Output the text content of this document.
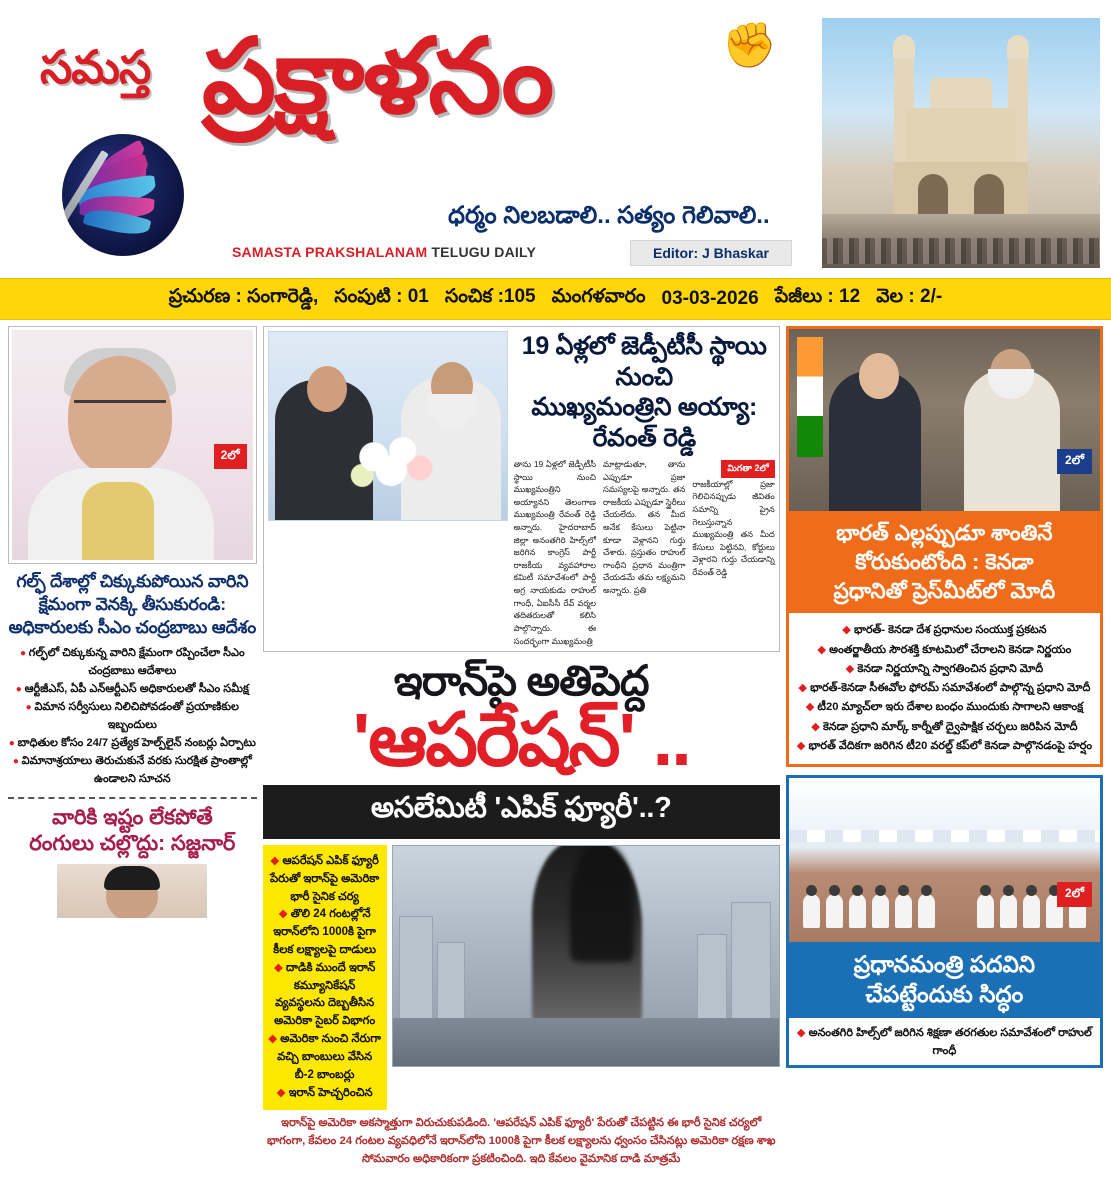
సమస్త ప్రక్షాళనం	✊
ధర్మం నిలబడాలి.. సత్యం గెలివాలి..
SAMASTA PRAKSHALANAM TELUGU DAILY	Editor: J Bhaskar
ప్రచురణ : సంగారెడ్డి, సంపుటి : 01 సంచిక :105 మంగళవారం 03-03-2026 పేజీలు : 12 వెల : 2/-
2లో
గల్ఫ్ దేశాల్లో చిక్కుకుపోయిన వారిని
క్షేమంగా వెనక్కి తీసుకురండి:
అధికారులకు సీఎం చంద్రబాబు ఆదేశం
● గల్ఫ్‌లో చిక్కుకున్న వారిని క్షేమంగా రప్పించేలా సీఎం చంద్రబాబు ఆదేశాలు
● ఆర్టీజీఎస్, ఏపీ ఎన్ఆర్టీఎస్ అధికారులతో సీఎం సమీక్ష
● విమాన సర్వీసులు నిలిచిపోవడంతో ప్రయాణికుల ఇబ్బందులు
● బాధితుల కోసం 24/7 ప్రత్యేక హెల్ప్‌లైన్ నంబర్లు ఏర్పాటు
● విమానాశ్రయాలు తెరుచుకునే వరకు సురక్షిత ప్రాంతాల్లో ఉండాలని సూచన
వారికి ఇష్టం లేకపోతే
రంగులు చల్లొద్దు: సజ్జనార్
19 ఏళ్లలో జెడ్పీటీసీ స్థాయి నుంచి
ముఖ్యమంత్రిని అయ్యా: రేవంత్ రెడ్డి

తాను 19 ఏళ్లలో జెడ్పీటీసీ స్థాయి నుంచి ముఖ్యమంత్రిని అయ్యానని తెలంగాణ ముఖ్యమంత్రి రేవంత్ రెడ్డి అన్నారు. హైదరాబాద్ జిల్లా అనంతగిరి హిల్స్‌లో జరిగిన కాంగ్రెస్ పార్టీ రాజకీయ వ్యవహారాల కమిటీ సమావేశంలో పార్టీ అగ్ర నాయకుడు రాహుల్ గాంధీ, ఏఐసీసీ రేవ్ వర్మల తదితరులతో కలిసి పాల్గొన్నారు. ఈ సందర్భంగా ముఖ్యమంత్రి

మాట్లాడుతూ, తాను ఎప్పుడూ ప్రజా సమస్యలపై అన్నారు. తన రాజకీయ ఎప్పుడూ స్థైరీలు చేయలేదు. తన మీద అనేక కేసులు పెట్టినా కూడా వెళ్లానని గుర్తు చేశారు. ప్రస్తుతం రాహుల్ గాంధీని ప్రధాన మంత్రిగా చేయడమే తమ లక్ష్యమని అన్నారు. ప్రతి

మిగతా 2లో
రాజకీయాల్లో ప్రజా గెలిచినప్పుడు జీవితం సమాన్ని ప్రైన గెలుస్తున్నాన ముఖ్యమంత్రి తన మీద కేసులు పెట్టినవి, కోర్టులు వెళ్లారని గుర్తు చేయడాన్ని రేవంత్ రెడ్డి

ఇరాన్‌పై అతిపెద్ద
'ఆపరేషన్' ..
అసలేమిటీ 'ఎపిక్ ఫ్యూరీ'..?
◆ ఆపరేషన్ ఎపిక్ ఫ్యూరీ పేరుతో ఇరాన్‌పై అమెరికా భారీ సైనిక చర్య
◆ తొలి 24 గంటల్లోనే ఇరాన్‌లోని 1000కి పైగా కీలక లక్ష్యాలపై దాడులు
◆ దాడికి ముందే ఇరాన్ కమ్యూనికేషన్ వ్యవస్థలను దెబ్బతీసిన అమెరికా సైబర్ విభాగం
◆ అమెరికా నుంచి నేరుగా వచ్చి బాంబులు వేసిన బీ-2 బాంబర్లు
◆ ఇరాన్ హెచ్చరించిన
ఇరాన్‌పై అమెరికా అకస్మాత్తుగా విరుచుకుపడింది. 'ఆపరేషన్ ఎపిక్ ఫ్యూరీ' పేరుతో చేపట్టిన ఈ భారీ సైనిక చర్యలో భాగంగా, కేవలం 24 గంటల వ్యవధిలోనే ఇరాన్‌లోని 1000కి పైగా కీలక లక్ష్యాలను ధ్వంసం చేసినట్లు అమెరికా రక్షణ శాఖ సోమవారం అధికారికంగా ప్రకటించింది. ఇది కేవలం వైమానిక దాడి మాత్రమే
2లో
భారత్ ఎల్లప్పుడూ శాంతినే
కోరుకుంటోంది : కెనడా
ప్రధానితో ప్రెస్‌మీట్‌లో మోదీ
◆ భారత్- కెనడా దేశ ప్రధానుల సంయుక్త ప్రకటన
◆ అంతర్జాతీయ సౌరశక్తి కూటమిలో చేరాలని కెనడా నిర్ణయం
◆ కెనడా నిర్ణయాన్ని స్వాగతించిన ప్రధాని మోదీ
◆ భారత్-కెనడా సీఈవోల ఫోరమ్ సమావేశంలో పాల్గొన్న ప్రధాని మోదీ
◆ టీ20 మ్యాచ్‌లా ఇరు దేశాల బంధం ముందుకు సాగాలని ఆకాంక్ష
◆ కెనడా ప్రధాని మార్క్ కార్నీతో ద్వైపాక్షిక చర్చలు జరిపిన మోదీ
◆ భారత్ వేదికగా జరిగిన టీ20 వరల్డ్ కప్‌లో కెనడా పాల్గొనడంపై హర్షం
2లో
ప్రధానమంత్రి పదవిని
చేపట్టేందుకు సిద్ధం
◆ అనంతగిరి హిల్స్‌లో జరిగిన శిక్షణా తరగతుల సమావేశంలో రాహుల్ గాంధీ
